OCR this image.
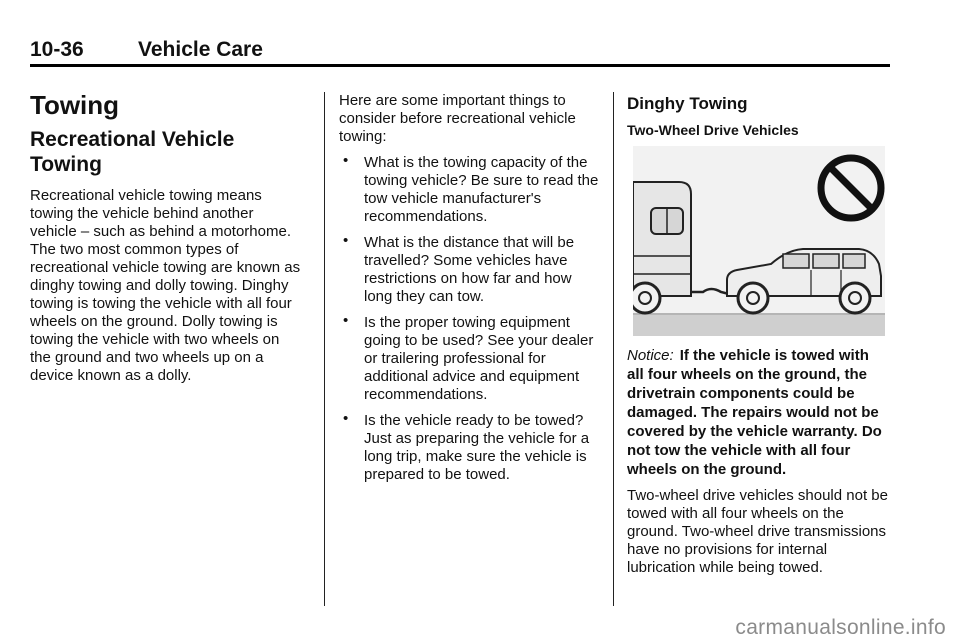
10-36	Vehicle Care
Towing
Recreational Vehicle Towing
Recreational vehicle towing means towing the vehicle behind another vehicle – such as behind a motorhome. The two most common types of recreational vehicle towing are known as dinghy towing and dolly towing. Dinghy towing is towing the vehicle with all four wheels on the ground. Dolly towing is towing the vehicle with two wheels on the ground and two wheels up on a device known as a dolly.
Here are some important things to consider before recreational vehicle towing:
• What is the towing capacity of the towing vehicle? Be sure to read the tow vehicle manufacturer's recommendations.
• What is the distance that will be travelled? Some vehicles have restrictions on how far and how long they can tow.
• Is the proper towing equipment going to be used? See your dealer or trailering professional for additional advice and equipment recommendations.
• Is the vehicle ready to be towed? Just as preparing the vehicle for a long trip, make sure the vehicle is prepared to be towed.
Dinghy Towing
Two-Wheel Drive Vehicles
Notice: If the vehicle is towed with all four wheels on the ground, the drivetrain components could be damaged. The repairs would not be covered by the vehicle warranty. Do not tow the vehicle with all four wheels on the ground.
Two-wheel drive vehicles should not be towed with all four wheels on the ground. Two-wheel drive transmissions have no provisions for internal lubrication while being towed.
carmanualsonline.info
